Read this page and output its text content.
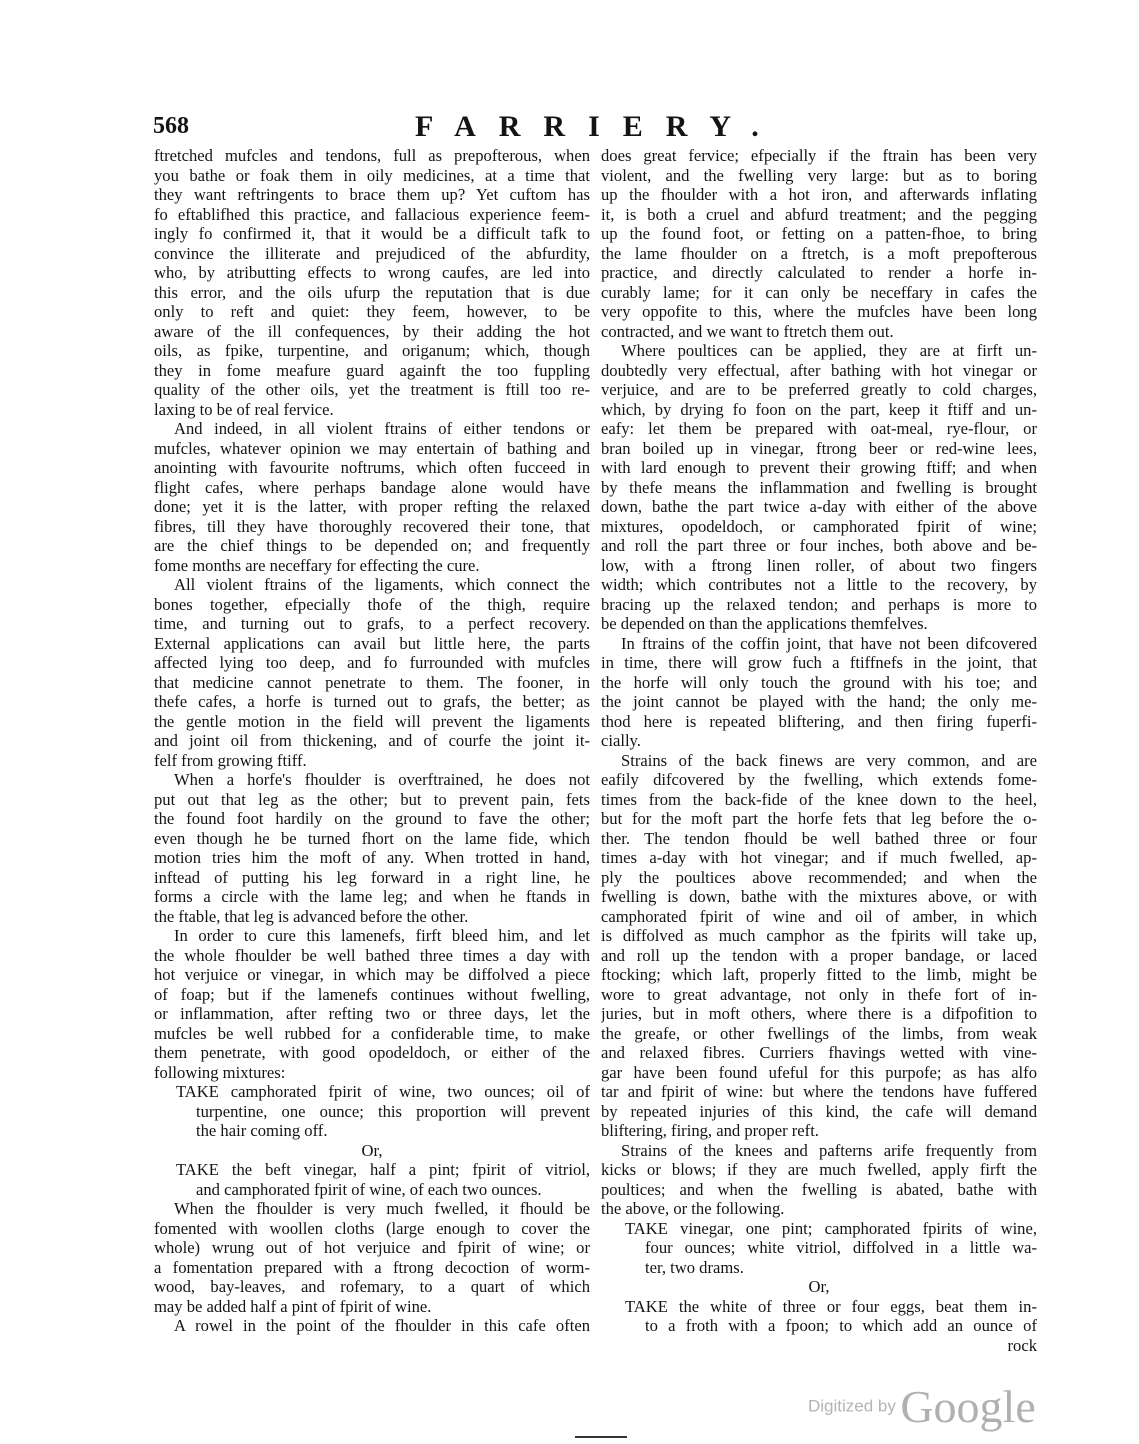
568	FARRIERY.
ftretched mufcles and tendons, full as prepofterous, when
you bathe or foak them in oily medicines, at a time that
they want reftringents to brace them up? Yet cuftom has
fo eftablifhed this practice, and fallacious experience feem-
ingly fo confirmed it, that it would be a difficult tafk to
convince the illiterate and prejudiced of the abfurdity,
who, by atributting effects to wrong caufes, are led into
this error, and the oils ufurp the reputation that is due
only to reft and quiet: they feem, however, to be
aware of the ill confequences, by their adding the hot
oils, as fpike, turpentine, and origanum; which, though
they in fome meafure guard againft the too fuppling
quality of the other oils, yet the treatment is ftill too re-
laxing to be of real fervice.
And indeed, in all violent ftrains of either tendons or
mufcles, whatever opinion we may entertain of bathing and
anointing with favourite noftrums, which often fucceed in
flight cafes, where perhaps bandage alone would have
done; yet it is the latter, with proper refting the relaxed
fibres, till they have thoroughly recovered their tone, that
are the chief things to be depended on; and frequently
fome months are neceffary for effecting the cure.
All violent ftrains of the ligaments, which connect the
bones together, efpecially thofe of the thigh, require
time, and turning out to grafs, to a perfect recovery.
External applications can avail but little here, the parts
affected lying too deep, and fo furrounded with mufcles
that medicine cannot penetrate to them. The fooner, in
thefe cafes, a horfe is turned out to grafs, the better; as
the gentle motion in the field will prevent the ligaments
and joint oil from thickening, and of courfe the joint it-
felf from growing ftiff.
When a horfe's fhoulder is overftrained, he does not
put out that leg as the other; but to prevent pain, fets
the found foot hardily on the ground to fave the other;
even though he be turned fhort on the lame fide, which
motion tries him the moft of any. When trotted in hand,
inftead of putting his leg forward in a right line, he
forms a circle with the lame leg; and when he ftands in
the ftable, that leg is advanced before the other.
In order to cure this lamenefs, firft bleed him, and let
the whole fhoulder be well bathed three times a day with
hot verjuice or vinegar, in which may be diffolved a piece
of foap; but if the lamenefs continues without fwelling,
or inflammation, after refting two or three days, let the
mufcles be well rubbed for a confiderable time, to make
them penetrate, with good opodeldoch, or either of the
following mixtures:
TAKE camphorated fpirit of wine, two ounces; oil of
turpentine, one ounce; this proportion will prevent
the hair coming off.
Or,
TAKE the beft vinegar, half a pint; fpirit of vitriol,
and camphorated fpirit of wine, of each two ounces.
When the fhoulder is very much fwelled, it fhould be
fomented with woollen cloths (large enough to cover the
whole) wrung out of hot verjuice and fpirit of wine; or
a fomentation prepared with a ftrong decoction of worm-
wood, bay-leaves, and rofemary, to a quart of which
may be added half a pint of fpirit of wine.
A rowel in the point of the fhoulder in this cafe often
does great fervice; efpecially if the ftrain has been very
violent, and the fwelling very large: but as to boring
up the fhoulder with a hot iron, and afterwards inflating
it, is both a cruel and abfurd treatment; and the pegging
up the found foot, or fetting on a patten-fhoe, to bring
the lame fhoulder on a ftretch, is a moft prepofterous
practice, and directly calculated to render a horfe in-
curably lame; for it can only be neceffary in cafes the
very oppofite to this, where the mufcles have been long
contracted, and we want to ftretch them out.
Where poultices can be applied, they are at firft un-
doubtedly very effectual, after bathing with hot vinegar or
verjuice, and are to be preferred greatly to cold charges,
which, by drying fo foon on the part, keep it ftiff and un-
eafy: let them be prepared with oat-meal, rye-flour, or
bran boiled up in vinegar, ftrong beer or red-wine lees,
with lard enough to prevent their growing ftiff; and when
by thefe means the inflammation and fwelling is brought
down, bathe the part twice a-day with either of the above
mixtures, opodeldoch, or camphorated fpirit of wine;
and roll the part three or four inches, both above and be-
low, with a ftrong linen roller, of about two fingers
width; which contributes not a little to the recovery, by
bracing up the relaxed tendon; and perhaps is more to
be depended on than the applications themfelves.
In ftrains of the coffin joint, that have not been difcovered
in time, there will grow fuch a ftiffnefs in the joint, that
the horfe will only touch the ground with his toe; and
the joint cannot be played with the hand; the only me-
thod here is repeated bliftering, and then firing fuperfi-
cially.
Strains of the back finews are very common, and are
eafily difcovered by the fwelling, which extends fome-
times from the back-fide of the knee down to the heel,
but for the moft part the horfe fets that leg before the o-
ther. The tendon fhould be well bathed three or four
times a-day with hot vinegar; and if much fwelled, ap-
ply the poultices above recommended; and when the
fwelling is down, bathe with the mixtures above, or with
camphorated fpirit of wine and oil of amber, in which
is diffolved as much camphor as the fpirits will take up,
and roll up the tendon with a proper bandage, or laced
ftocking; which laft, properly fitted to the limb, might be
wore to great advantage, not only in thefe fort of in-
juries, but in moft others, where there is a difpofition to
the greafe, or other fwellings of the limbs, from weak
and relaxed fibres. Curriers fhavings wetted with vine-
gar have been found ufeful for this purpofe; as has alfo
tar and fpirit of wine: but where the tendons have fuffered
by repeated injuries of this kind, the cafe will demand
bliftering, firing, and proper reft.
Strains of the knees and pafterns arife frequently from
kicks or blows; if they are much fwelled, apply firft the
poultices; and when the fwelling is abated, bathe with
the above, or the following.
TAKE vinegar, one pint; camphorated fpirits of wine,
four ounces; white vitriol, diffolved in a little wa-
ter, two drams.
Or,
TAKE the white of three or four eggs, beat them in-
to a froth with a fpoon; to which add an ounce of
rock
Digitized by Google
